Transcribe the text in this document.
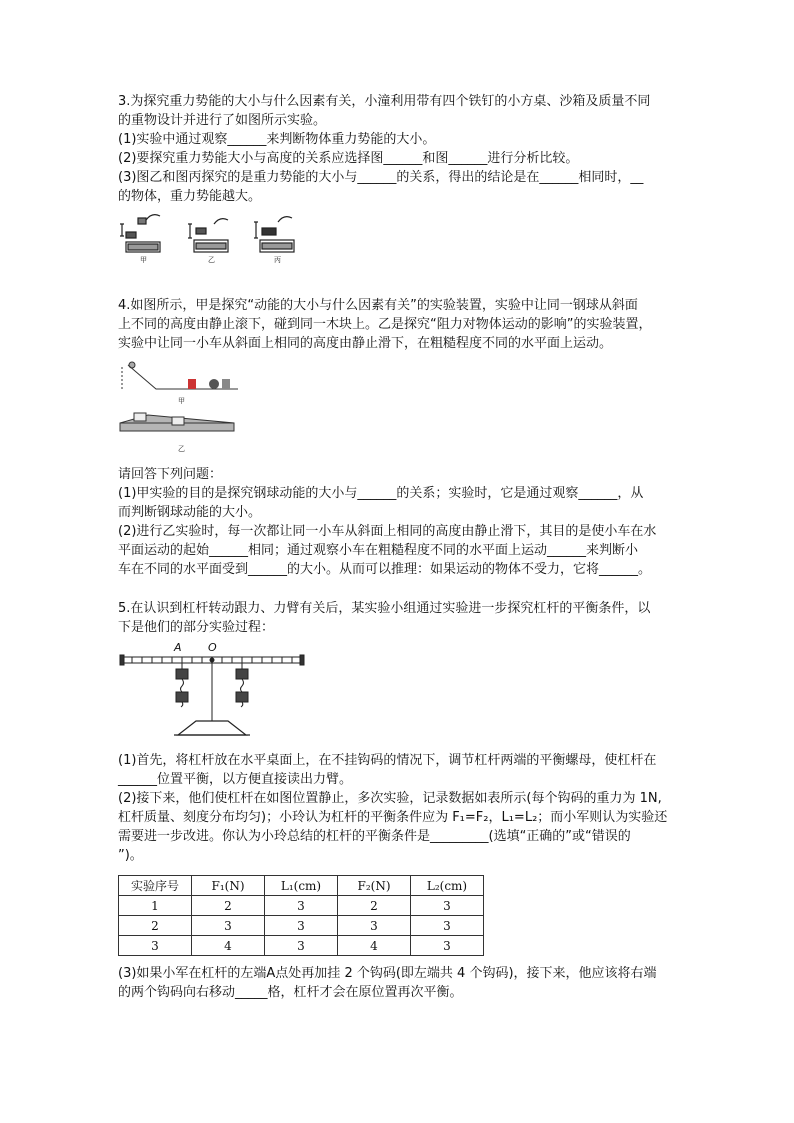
3.为探究重力势能的大小与什么因素有关，小潼利用带有四个铁钉的小方桌、沙箱及质量不同

的重物设计并进行了如图所示实验。

(1)实验中通过观察______来判断物体重力势能的大小。

(2)要探究重力势能大小与高度的关系应选择图______和图______进行分析比较。

(3)图乙和图丙探究的是重力势能的大小与______的关系，得出的结论是在______相同时，__

的物体，重力势能越大。

甲	乙	丙

4.如图所示，甲是探究“动能的大小与什么因素有关”的实验装置，实验中让同一钢球从斜面

上不同的高度由静止滚下，碰到同一木块上。乙是探究“阻力对物体运动的影响”的实验装置，

实验中让同一小车从斜面上相同的高度由静止滑下，在粗糙程度不同的水平面上运动。

甲
乙

请回答下列问题：

(1)甲实验的目的是探究钢球动能的大小与______的关系；实验时，它是通过观察______，从

而判断钢球动能的大小。

(2)进行乙实验时，每一次都让同一小车从斜面上相同的高度由静止滑下，其目的是使小车在水

平面运动的起始______相同；通过观察小车在粗糙程度不同的水平面上运动______来判断小

车在不同的水平面受到______的大小。从而可以推理：如果运动的物体不受力，它将______。

5.在认识到杠杆转动跟力、力臂有关后，某实验小组通过实验进一步探究杠杆的平衡条件，以

下是他们的部分实验过程：

A O

(1)首先，将杠杆放在水平桌面上，在不挂钩码的情况下，调节杠杆两端的平衡螺母，使杠杆在

______位置平衡，以方便直接读出力臂。

(2)接下来，他们使杠杆在如图位置静止，多次实验，记录数据如表所示(每个钩码的重力为 1N,

杠杆质量、刻度分布均匀)；小玲认为杠杆的平衡条件应为 F₁=F₂，L₁=L₂；而小军则认为实验还

需要进一步改进。你认为小玲总结的杠杆的平衡条件是_________(选填“正确的”或“错误的

”)。

实验序号	F₁(N)	L₁(cm)	F₂(N)	L₂(cm)
1	2	3	2	3
2	3	3	3	3
3	4	3	4	3

(3)如果小军在杠杆的左端A点处再加挂 2 个钩码(即左端共 4 个钩码)，接下来，他应该将右端

的两个钩码向右移动_____格，杠杆才会在原位置再次平衡。
